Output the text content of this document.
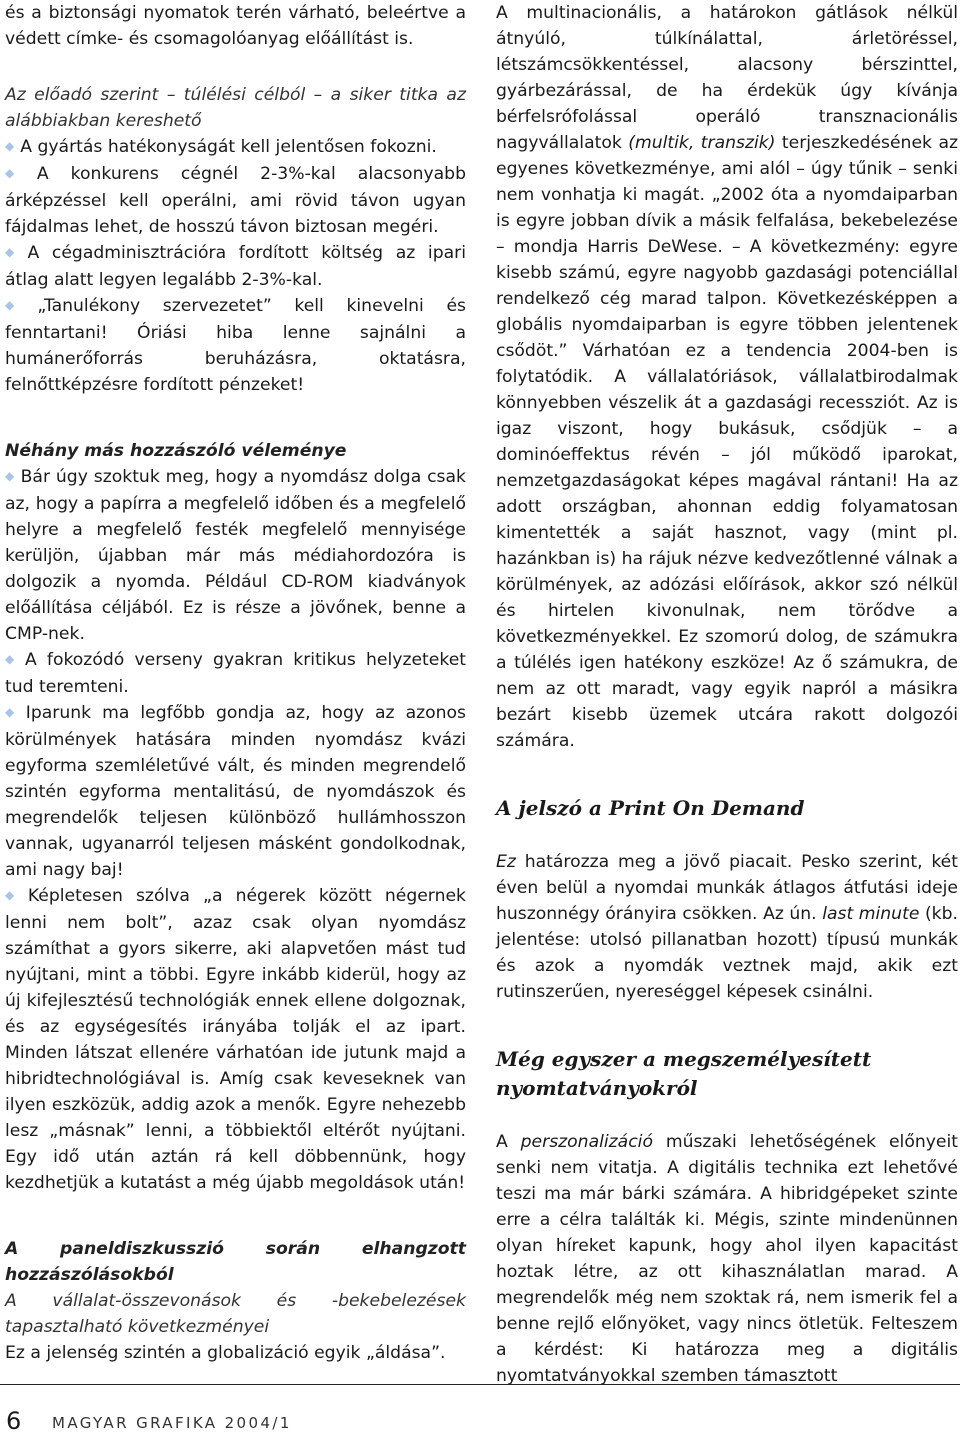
és a biztonsági nyomatok terén várható, beleértve a védett címke- és csomagolóanyag előállítást is.

Az előadó szerint – túlélési célból – a siker titka az alábbiakban kereshető

◆ A gyártás hatékonyságát kell jelentősen fokozni.

◆ A konkurens cégnél 2-3%-kal alacsonyabb árképzéssel kell operálni, ami rövid távon ugyan fájdalmas lehet, de hosszú távon biztosan megéri.

◆ A cégadminisztrációra fordított költség az ipari átlag alatt legyen legalább 2-3%-kal.

◆ „Tanulékony szervezetet” kell kinevelni és fenntartani! Óriási hiba lenne sajnálni a humánerőforrás beruházásra, oktatásra, felnőttképzésre fordított pénzeket!

Néhány más hozzászóló véleménye

◆ Bár úgy szoktuk meg, hogy a nyomdász dolga csak az, hogy a papírra a megfelelő időben és a megfelelő helyre a megfelelő festék megfelelő mennyisége kerüljön, újabban már más médiahordozóra is dolgozik a nyomda. Például CD-ROM kiadványok előállítása céljából. Ez is része a jövőnek, benne a CMP-nek.

◆ A fokozódó verseny gyakran kritikus helyzeteket tud teremteni.

◆ Iparunk ma legfőbb gondja az, hogy az azonos körülmények hatására minden nyomdász kvázi egyforma szemléletűvé vált, és minden megrendelő szintén egyforma mentalitású, de nyomdászok és megrendelők teljesen különböző hullámhosszon vannak, ugyanarról teljesen másként gondolkodnak, ami nagy baj!

◆ Képletesen szólva „a négerek között négernek lenni nem bolt”, azaz csak olyan nyomdász számíthat a gyors sikerre, aki alapvetően mást tud nyújtani, mint a többi. Egyre inkább kiderül, hogy az új kifejlesztésű technológiák ennek ellene dolgoznak, és az egységesítés irányába tolják el az ipart. Minden látszat ellenére várhatóan ide jutunk majd a hibridtechnológiával is. Amíg csak keveseknek van ilyen eszközük, addig azok a menők. Egyre nehezebb lesz „másnak” lenni, a többiektől eltérőt nyújtani. Egy idő után aztán rá kell döbbennünk, hogy kezdhetjük a kutatást a még újabb megoldások után!

A paneldiszkusszió során elhangzott hozzászólásokból

A vállalat-összevonások és -bekebelezések tapasztalható következményei

Ez a jelenség szintén a globalizáció egyik „áldása”.

A multinacionális, a határokon gátlások nélkül átnyúló, túlkínálattal, árletöréssel, létszámcsökkentéssel, alacsony bérszinttel, gyárbezárással, de ha érdekük úgy kívánja bérfelsrófolással operáló transznacionális nagyvállalatok (multik, transzik) terjeszkedésének az egyenes következménye, ami alól – úgy tűnik – senki nem vonhatja ki magát. „2002 óta a nyomdaiparban is egyre jobban dívik a másik felfalása, bekebelezése – mondja Harris DeWese. – A következmény: egyre kisebb számú, egyre nagyobb gazdasági potenciállal rendelkező cég marad talpon. Következésképpen a globális nyomdaiparban is egyre többen jelentenek csődöt.” Várhatóan ez a tendencia 2004-ben is folytatódik. A vállalatóriások, vállalatbirodalmak könnyebben vészelik át a gazdasági recessziót. Az is igaz viszont, hogy bukásuk, csődjük – a dominóeffektus révén – jól működő iparokat, nemzetgazdaságokat képes magával rántani! Ha az adott országban, ahonnan eddig folyamatosan kimentették a saját hasznot, vagy (mint pl. hazánkban is) ha rájuk nézve kedvezőtlenné válnak a körülmények, az adózási előírások, akkor szó nélkül és hirtelen kivonulnak, nem törődve a következményekkel. Ez szomorú dolog, de számukra a túlélés igen hatékony eszköze! Az ő számukra, de nem az ott maradt, vagy egyik napról a másikra bezárt kisebb üzemek utcára rakott dolgozói számára.

A jelszó a Print On Demand

Ez határozza meg a jövő piacait. Pesko szerint, két éven belül a nyomdai munkák átlagos átfutási ideje huszonnégy órányira csökken. Az ún. last minute (kb. jelentése: utolsó pillanatban hozott) típusú munkák és azok a nyomdák veztnek majd, akik ezt rutinszerűen, nyereséggel képesek csinálni.

Még egyszer a megszemélyesített nyomtatványokról

A perszonalizáció műszaki lehetőségének előnyeit senki nem vitatja. A digitális technika ezt lehetővé teszi ma már bárki számára. A hibridgépeket szinte erre a célra találták ki. Mégis, szinte mindenünnen olyan híreket kapunk, hogy ahol ilyen kapacitást hoztak létre, az ott kihasználatlan marad. A megrendelők még nem szoktak rá, nem ismerik fel a benne rejlő előnyöket, vagy nincs ötletük. Felteszem a kérdést: Ki határozza meg a digitális nyomtatványokkal szemben támasztott

6 MAGYAR GRAFIKA 2004/1
